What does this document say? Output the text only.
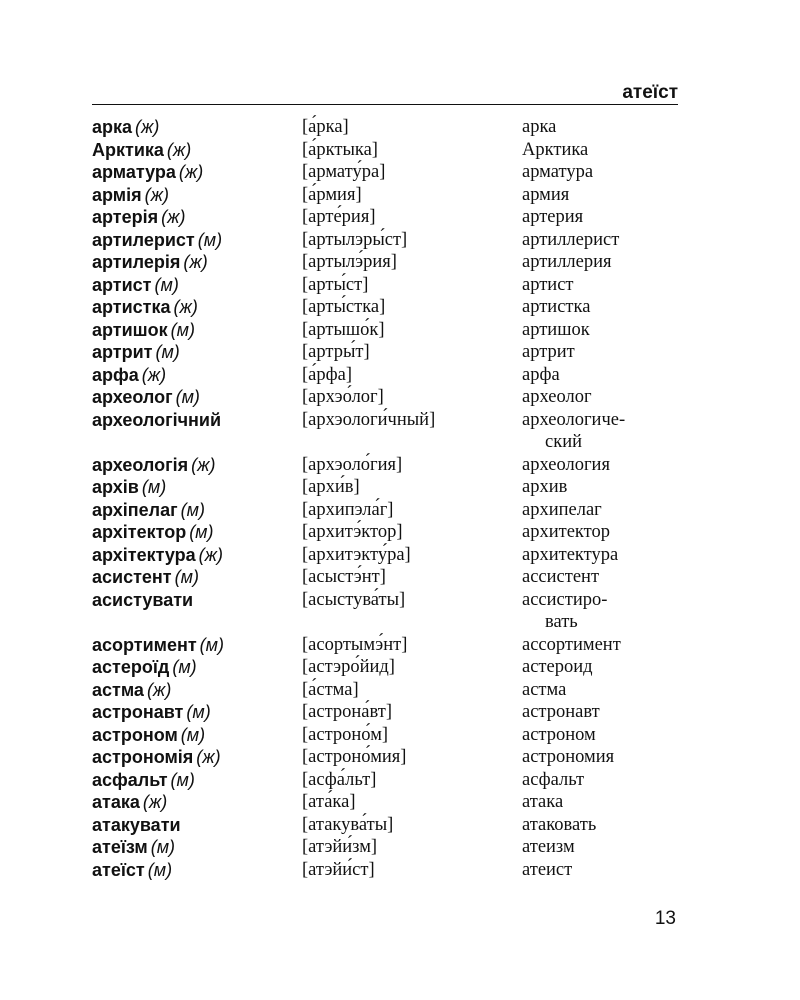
атеїст
арка (ж)	[а́рка]	арка
Арктика (ж)	[а́рктыка]	Арктика
арматура (ж)	[армату́ра]	арматура
армія (ж)	[а́рмия]	армия
артерія (ж)	[арте́рия]	артерия
артилерист (м)	[артылэры́ст]	артиллерист
артилерія (ж)	[артылэ́рия]	артиллерия
артист (м)	[арты́ст]	артист
артистка (ж)	[арты́стка]	артистка
артишок (м)	[артышо́к]	артишок
артрит (м)	[артры́т]	артрит
арфа (ж)	[а́рфа]	арфа
археолог (м)	[архэо́лог]	археолог
археологічний	[архэологи́чный]	археологиче-
ский
археологія (ж)	[архэоло́гия]	археология
архів (м)	[архи́в]	архив
архіпелаг (м)	[архипэла́г]	архипелаг
архітектор (м)	[архитэ́ктор]	архитектор
архітектура (ж)	[архитэкту́ра]	архитектура
асистент (м)	[асыстэ́нт]	ассистент
асистувати	[асыстува́ты]	ассистиро-
вать
асортимент (м)	[асортымэ́нт]	ассортимент
астероїд (м)	[астэро́йид]	астероид
астма (ж)	[а́стма]	астма
астронавт (м)	[астрона́вт]	астронавт
астроном (м)	[астроно́м]	астроном
астрономія (ж)	[астроно́мия]	астрономия
асфальт (м)	[асфа́льт]	асфальт
атака (ж)	[ата́ка]	атака
атакувати	[атакува́ты]	атаковать
атеїзм (м)	[атэйи́зм]	атеизм
атеїст (м)	[атэйи́ст]	атеист
13
